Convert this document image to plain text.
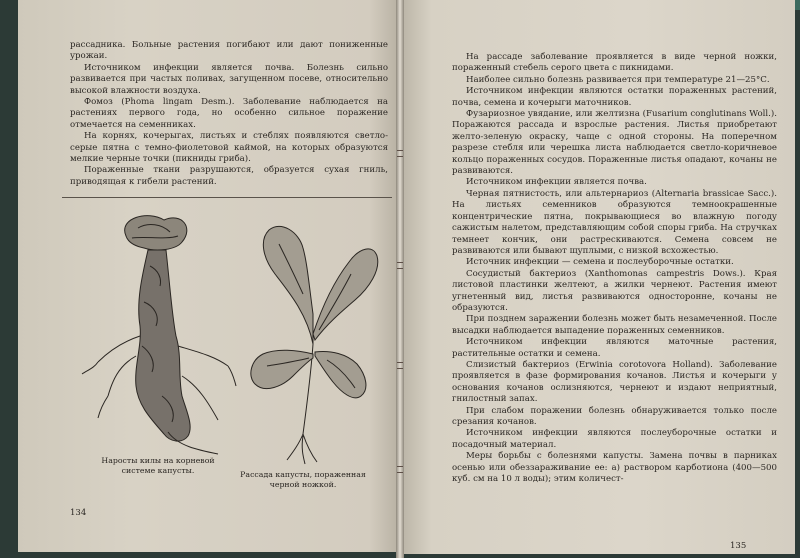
рассадника. Больные растения погибают или дают пониженные урожаи.

Источником инфекции является почва. Болезнь сильно развивается при частых поливах, загущенном посеве, относительно высокой влажности воздуха.

Фомоз (Phoma lingam Desm.). Заболевание наблюдается на растениях первого года, но особенно сильное поражение отмечается на семенниках.

На корнях, кочерыгах, листьях и стеблях появляются светло-серые пятна с темно-фиолетовой каймой, на которых образуются мелкие черные точки (пикниды гриба).

Пораженные ткани разрушаются, образуется сухая гниль, приводящая к гибели растений.

Наросты килы на корневой системе капусты.	Рассада капусты, пораженная черной ножкой.
134

На рассаде заболевание проявляется в виде черной ножки, пораженный стебель серого цвета с пикнидами.

Наиболее сильно болезнь развивается при температуре 21—25°С.

Источником инфекции являются остатки пораженных растений, почва, семена и кочерыги маточников.

Фузариозное увядание, или желтизна (Fusarium conglutinans Woll.). Поражаются рассада и взрослые растения. Листья приобретают желто-зеленую окраску, чаще с одной стороны. На поперечном разрезе стебля или черешка листа наблюдается светло-коричневое кольцо пораженных сосудов. Пораженные листья опадают, кочаны не развиваются.

Источником инфекции является почва.

Черная пятнистость, или альтернариоз (Alternaria brassicae Sacc.). На листьях семенников образуются темноокрашенные концентрические пятна, покрывающиеся во влажную погоду сажистым налетом, представляющим собой споры гриба. На стручках темнеет кончик, они растрескиваются. Семена совсем не развиваются или бывают щуплыми, с низкой всхожестью.

Источник инфекции — семена и послеуборочные остатки.

Сосудистый бактериоз (Xanthomonas campestris Dows.). Края листовой пластинки желтеют, а жилки чернеют. Растения имеют угнетенный вид, листья развиваются односторонне, кочаны не образуются.

При позднем заражении болезнь может быть незамеченной. После высадки наблюдается выпадение пораженных семенников.

Источником инфекции являются маточные растения, растительные остатки и семена.

Слизистый бактериоз (Erwinia corotovora Holland). Заболевание проявляется в фазе формирования кочанов. Листья и кочерыги у основания кочанов ослизняются, чернеют и издают неприятный, гнилостный запах.

При слабом поражении болезнь обнаруживается только после срезания кочанов.

Источником инфекции являются послеуборочные остатки и посадочный материал.

Меры борьбы с болезнями капусты. Замена почвы в парниках осенью или обеззараживание ее: а) раствором карботиона (400—500 куб. см на 10 л воды); этим количест-

135
